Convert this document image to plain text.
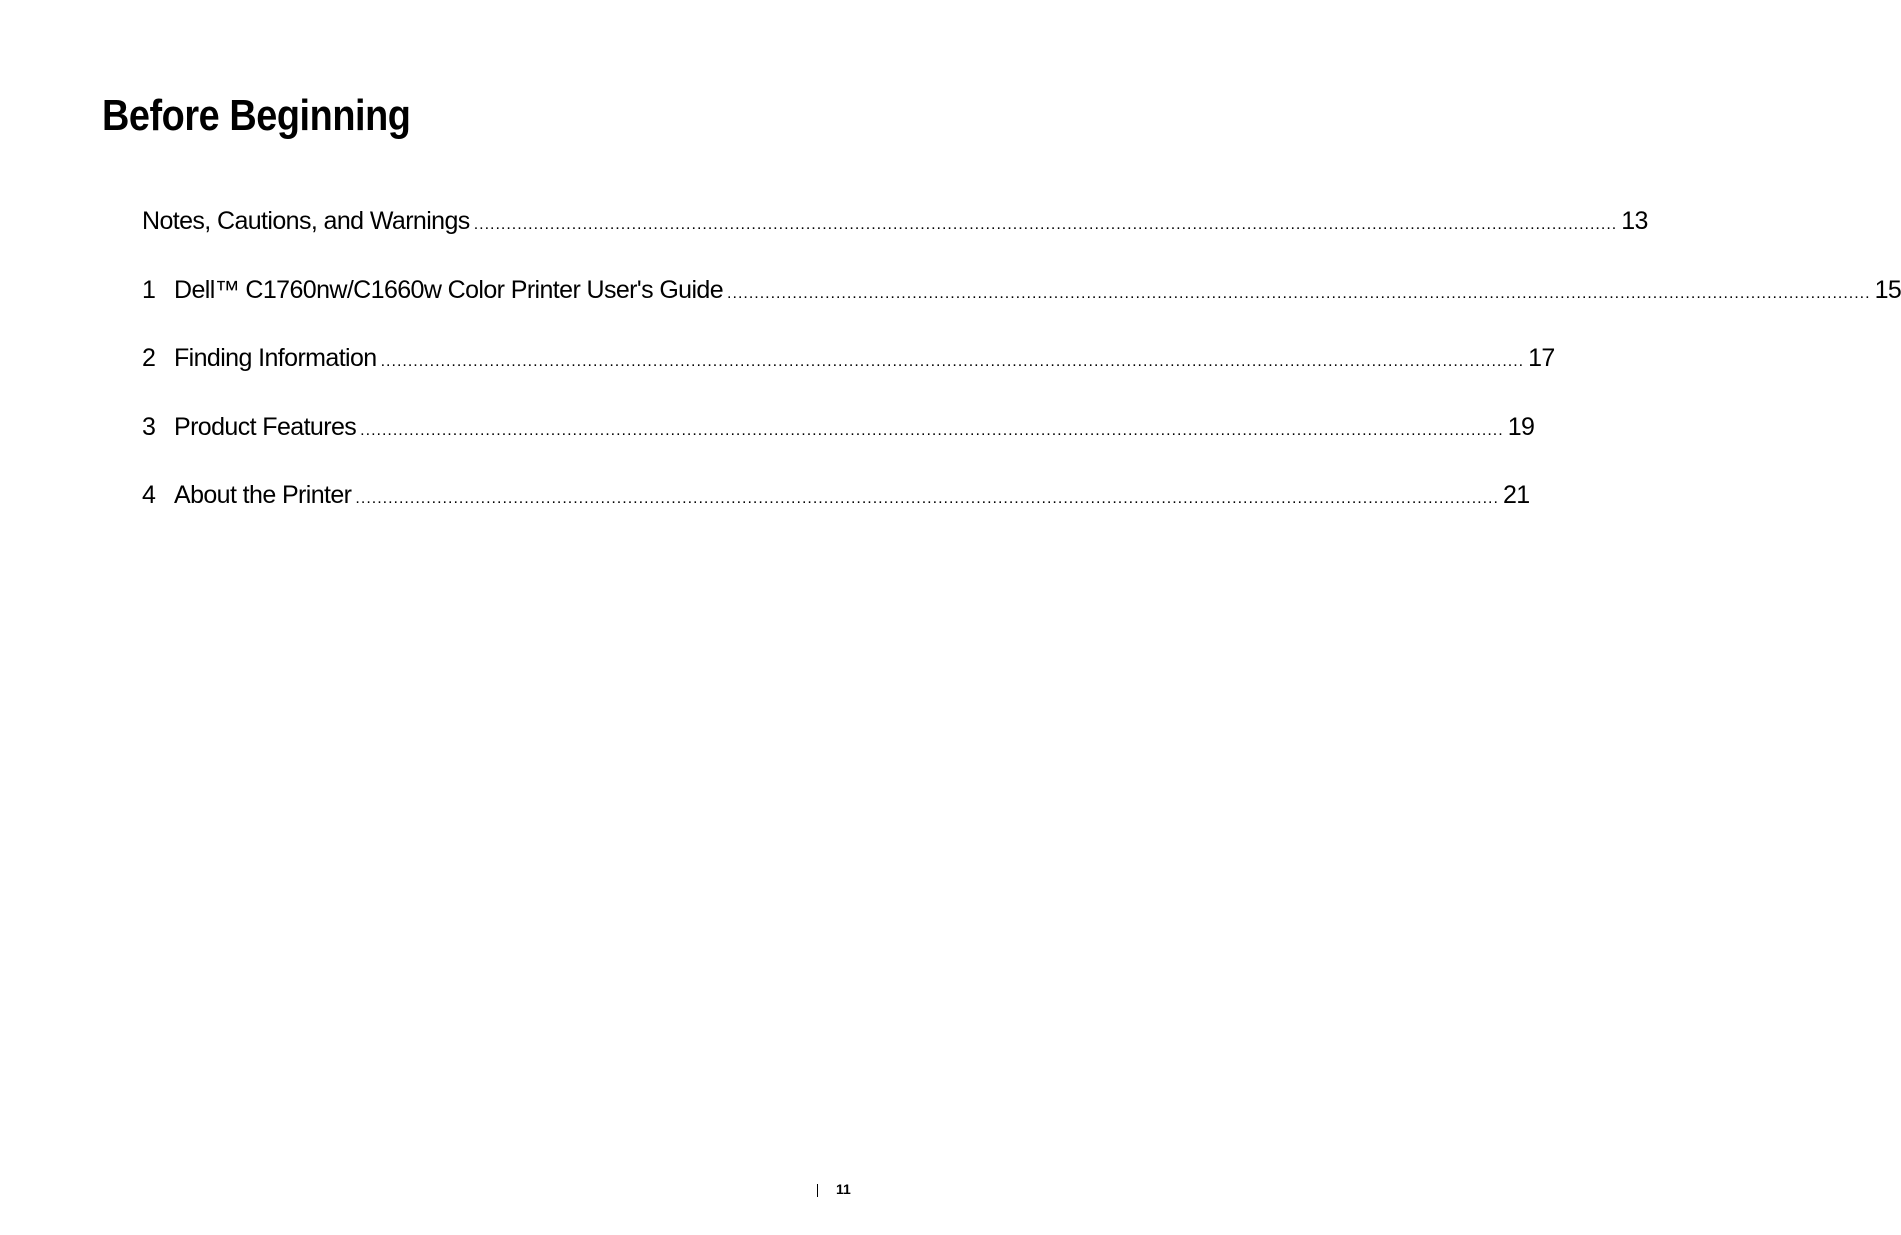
Before Beginning
Notes, Cautions, and Warnings .....	13
1 Dell™ C1760nw/C1660w Color Printer User's Guide .....	15
2 Finding Information .....	17
3 Product Features .....	19
4 About the Printer .....	21
11
